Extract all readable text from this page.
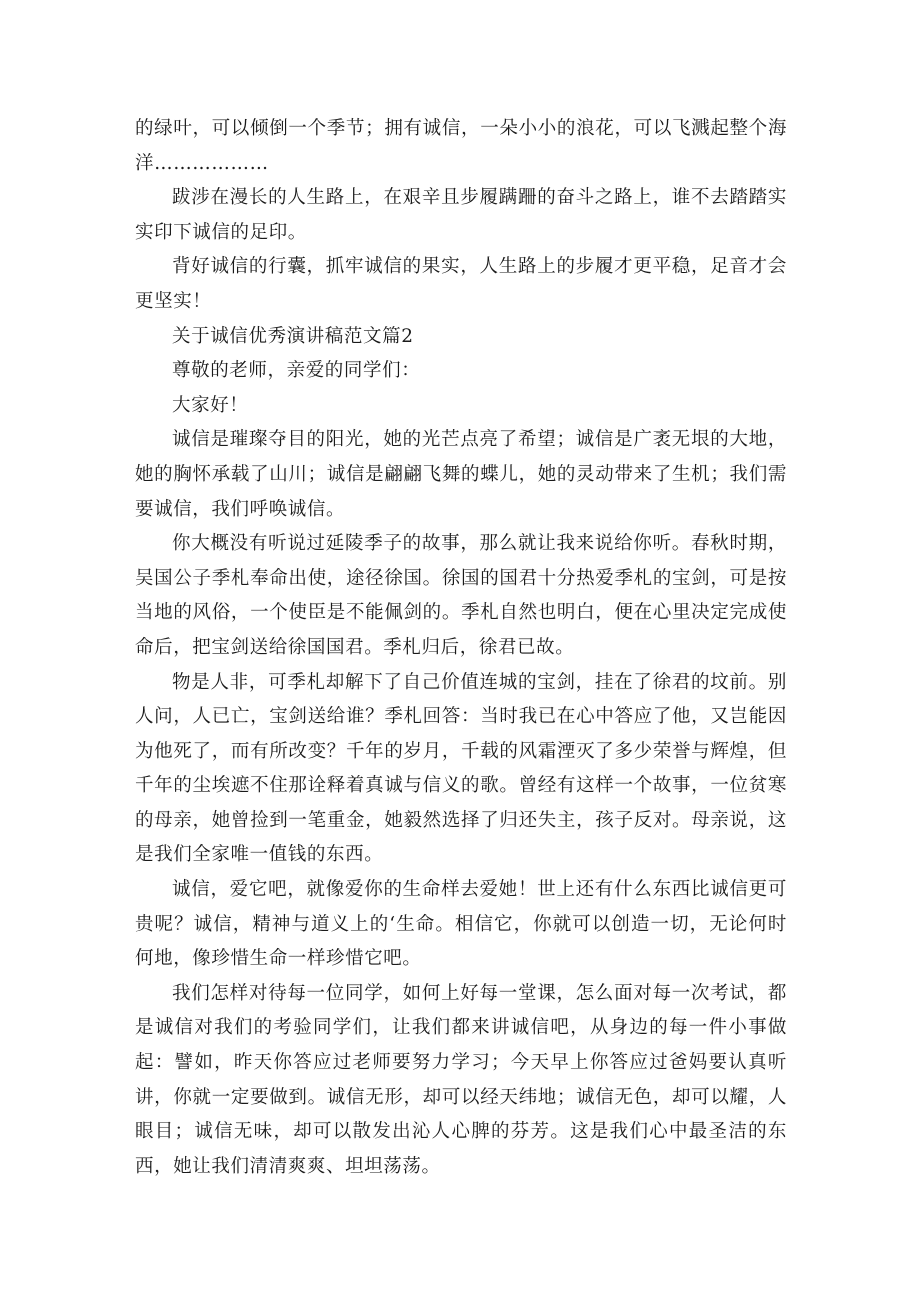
的绿叶，可以倾倒一个季节；拥有诚信，一朵小小的浪花，可以飞溅起整个海洋………………

跋涉在漫长的人生路上，在艰辛且步履蹒跚的奋斗之路上，谁不去踏踏实实印下诚信的足印。

背好诚信的行囊，抓牢诚信的果实，人生路上的步履才更平稳，足音才会更坚实！

关于诚信优秀演讲稿范文篇2

尊敬的老师，亲爱的同学们：

大家好！

诚信是璀璨夺目的阳光，她的光芒点亮了希望；诚信是广袤无垠的大地，她的胸怀承载了山川；诚信是翩翩飞舞的蝶儿，她的灵动带来了生机；我们需要诚信，我们呼唤诚信。

你大概没有听说过延陵季子的故事，那么就让我来说给你听。春秋时期，吴国公子季札奉命出使，途径徐国。徐国的国君十分热爱季札的宝剑，可是按当地的风俗，一个使臣是不能佩剑的。季札自然也明白，便在心里决定完成使命后，把宝剑送给徐国国君。季札归后，徐君已故。

物是人非，可季札却解下了自己价值连城的宝剑，挂在了徐君的坟前。别人问，人已亡，宝剑送给谁？季札回答：当时我已在心中答应了他，又岂能因为他死了，而有所改变？千年的岁月，千载的风霜湮灭了多少荣誉与辉煌，但千年的尘埃遮不住那诠释着真诚与信义的歌。曾经有这样一个故事，一位贫寒的母亲，她曾捡到一笔重金，她毅然选择了归还失主，孩子反对。母亲说，这是我们全家唯一值钱的东西。

诚信，爱它吧，就像爱你的生命样去爱她！世上还有什么东西比诚信更可贵呢？诚信，精神与道义上的‘生命。相信它，你就可以创造一切，无论何时何地，像珍惜生命一样珍惜它吧。

我们怎样对待每一位同学，如何上好每一堂课，怎么面对每一次考试，都是诚信对我们的考验同学们，让我们都来讲诚信吧，从身边的每一件小事做起：譬如，昨天你答应过老师要努力学习；今天早上你答应过爸妈要认真听讲，你就一定要做到。诚信无形，却可以经天纬地；诚信无色，却可以耀，人眼目；诚信无味，却可以散发出沁人心脾的芬芳。这是我们心中最圣洁的东西，她让我们清清爽爽、坦坦荡荡。
